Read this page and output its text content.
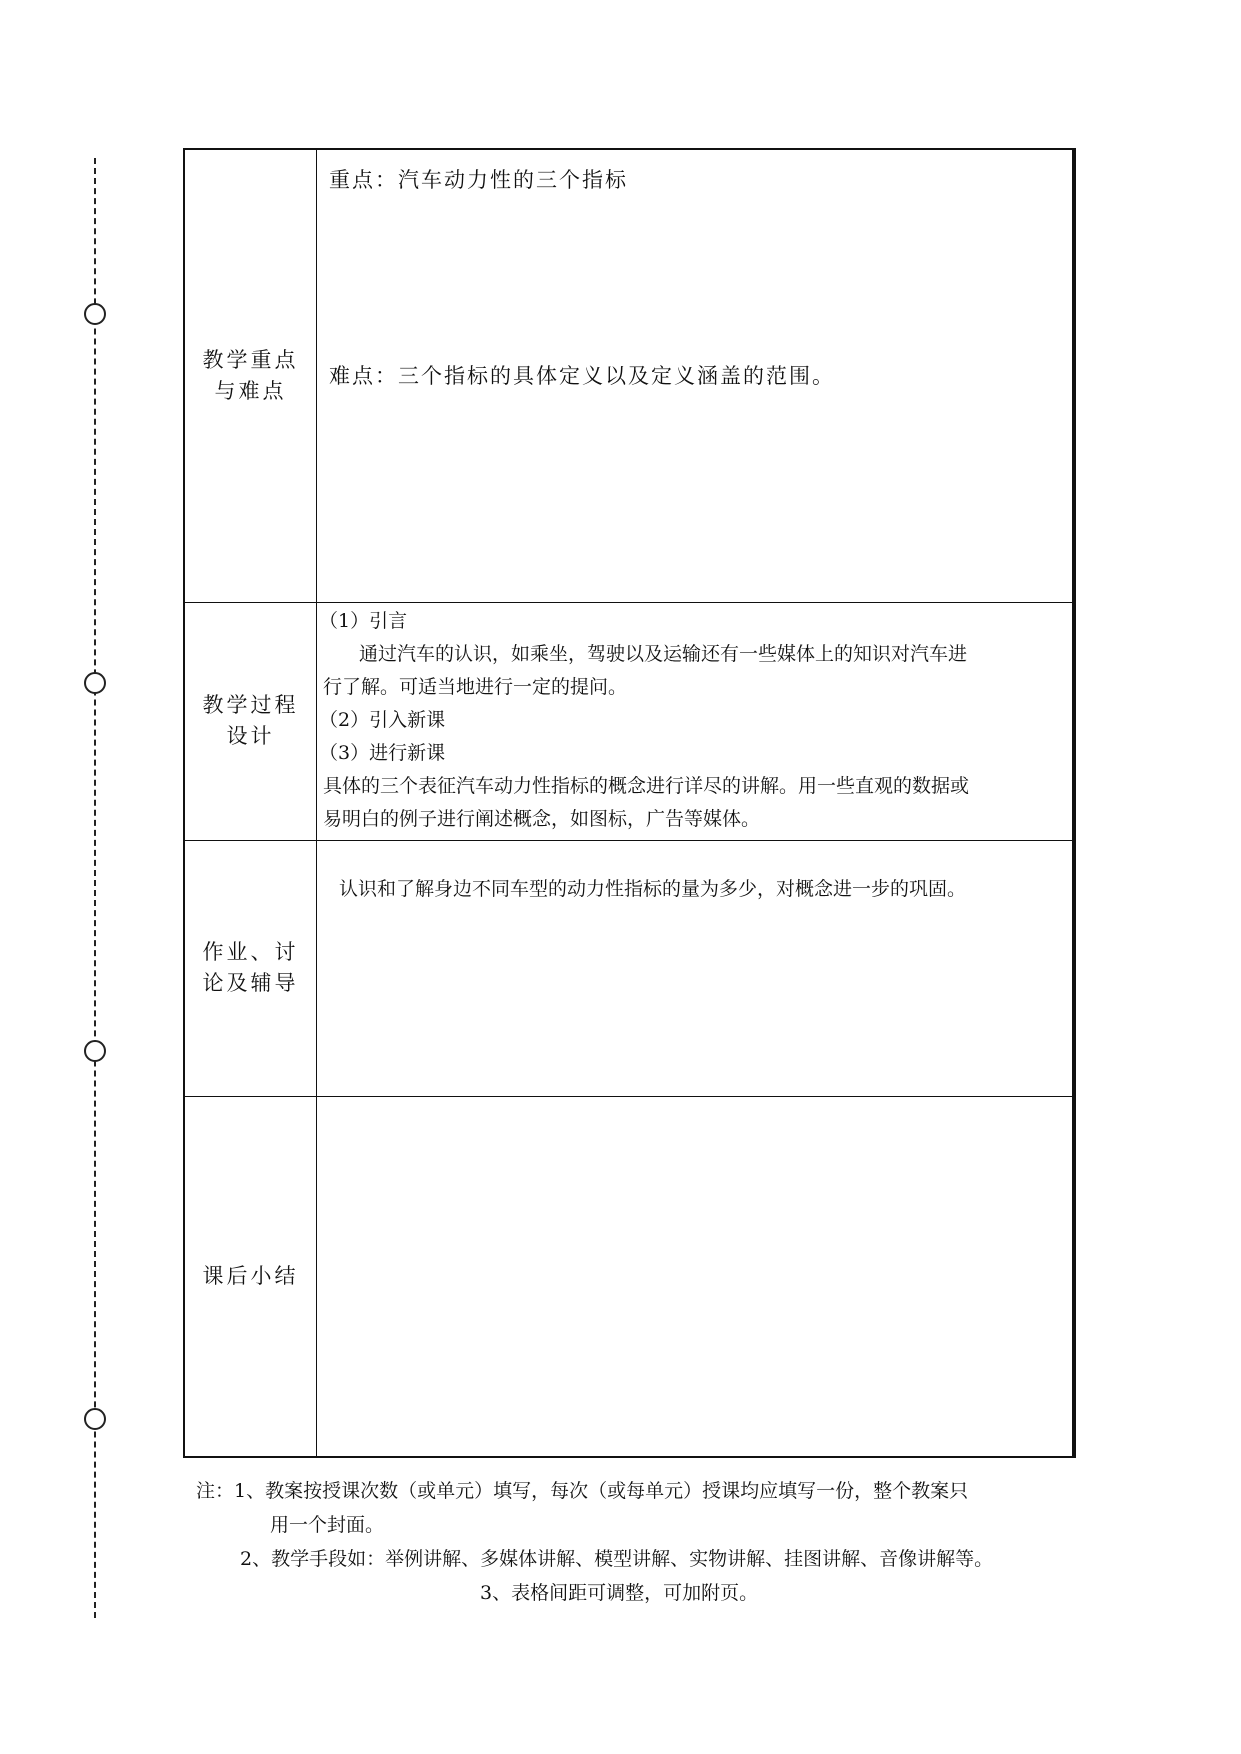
教学重点
与难点
重点：汽车动力性的三个指标
难点：三个指标的具体定义以及定义涵盖的范围。
教学过程
设计
（1）引言
通过汽车的认识，如乘坐，驾驶以及运输还有一些媒体上的知识对汽车进
行了解。可适当地进行一定的提问。
（2）引入新课
（3）进行新课
具体的三个表征汽车动力性指标的概念进行详尽的讲解。用一些直观的数据或
易明白的例子进行阐述概念，如图标，广告等媒体。
作业、讨
论及辅导
认识和了解身边不同车型的动力性指标的量为多少，对概念进一步的巩固。
课后小结
注：1、教案按授课次数（或单元）填写，每次（或每单元）授课均应填写一份，整个教案只
用一个封面。
2、教学手段如：举例讲解、多媒体讲解、模型讲解、实物讲解、挂图讲解、音像讲解等。
3、表格间距可调整，可加附页。
